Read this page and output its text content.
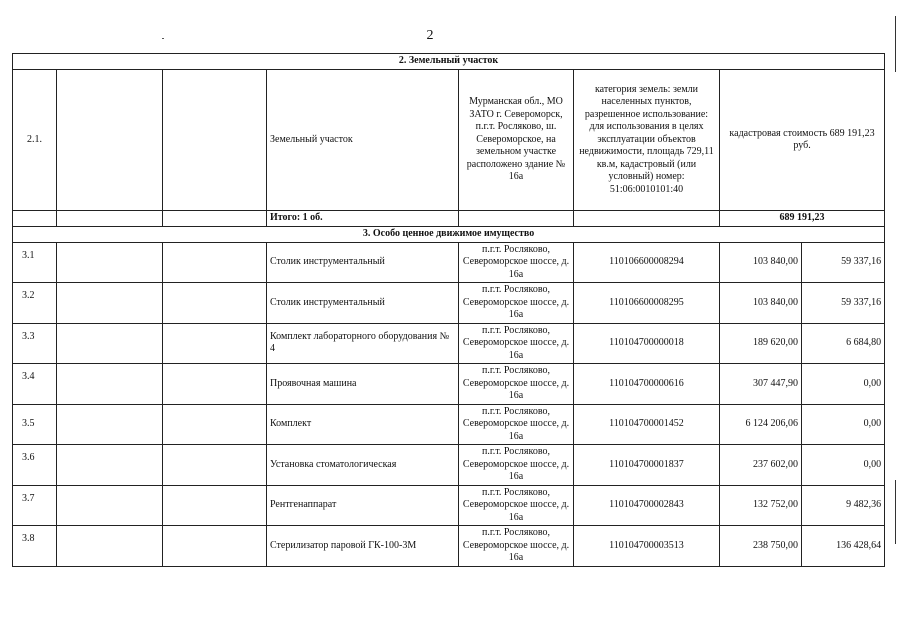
2
2. Земельный участок							
2.1.			Земельный участок	Мурманская обл., МО ЗАТО г. Североморск, п.г.т. Росляково, ш. Североморское, на земельном участке расположено здание № 16а	категория земель: земли населенных пунктов, разрешенное использование: для использования в целях эксплуатации объектов недвижимости, площадь 729,11 кв.м, кадастровый (или условный) номер: 51:06:0010101:40	кадастровая стоимость 689 191,23 руб.	
			Итого: 1 об.			689 191,23	
3. Особо ценное движимое имущество							
3.1			Столик инструментальный	п.г.т. Росляково, Североморское шоссе, д. 16а	110106600008294	103 840,00	59 337,16
3.2			Столик инструментальный	п.г.т. Росляково, Североморское шоссе, д. 16а	110106600008295	103 840,00	59 337,16
3.3			Комплект лабораторного оборудования № 4	п.г.т. Росляково, Североморское шоссе, д. 16а	110104700000018	189 620,00	6 684,80
3.4			Проявочная машина	п.г.т. Росляково, Североморское шоссе, д. 16а	110104700000616	307 447,90	0,00
3.5			Комплект	п.г.т. Росляково, Североморское шоссе, д. 16а	110104700001452	6 124 206,06	0,00
3.6			Установка стоматологическая	п.г.т. Росляково, Североморское шоссе, д. 16а	110104700001837	237 602,00	0,00
3.7			Рентгенаппарат	п.г.т. Росляково, Североморское шоссе, д. 16а	110104700002843	132 752,00	9 482,36
3.8			Стерилизатор паровой ГК-100-3М	п.г.т. Росляково, Североморское шоссе, д. 16а	110104700003513	238 750,00	136 428,64
